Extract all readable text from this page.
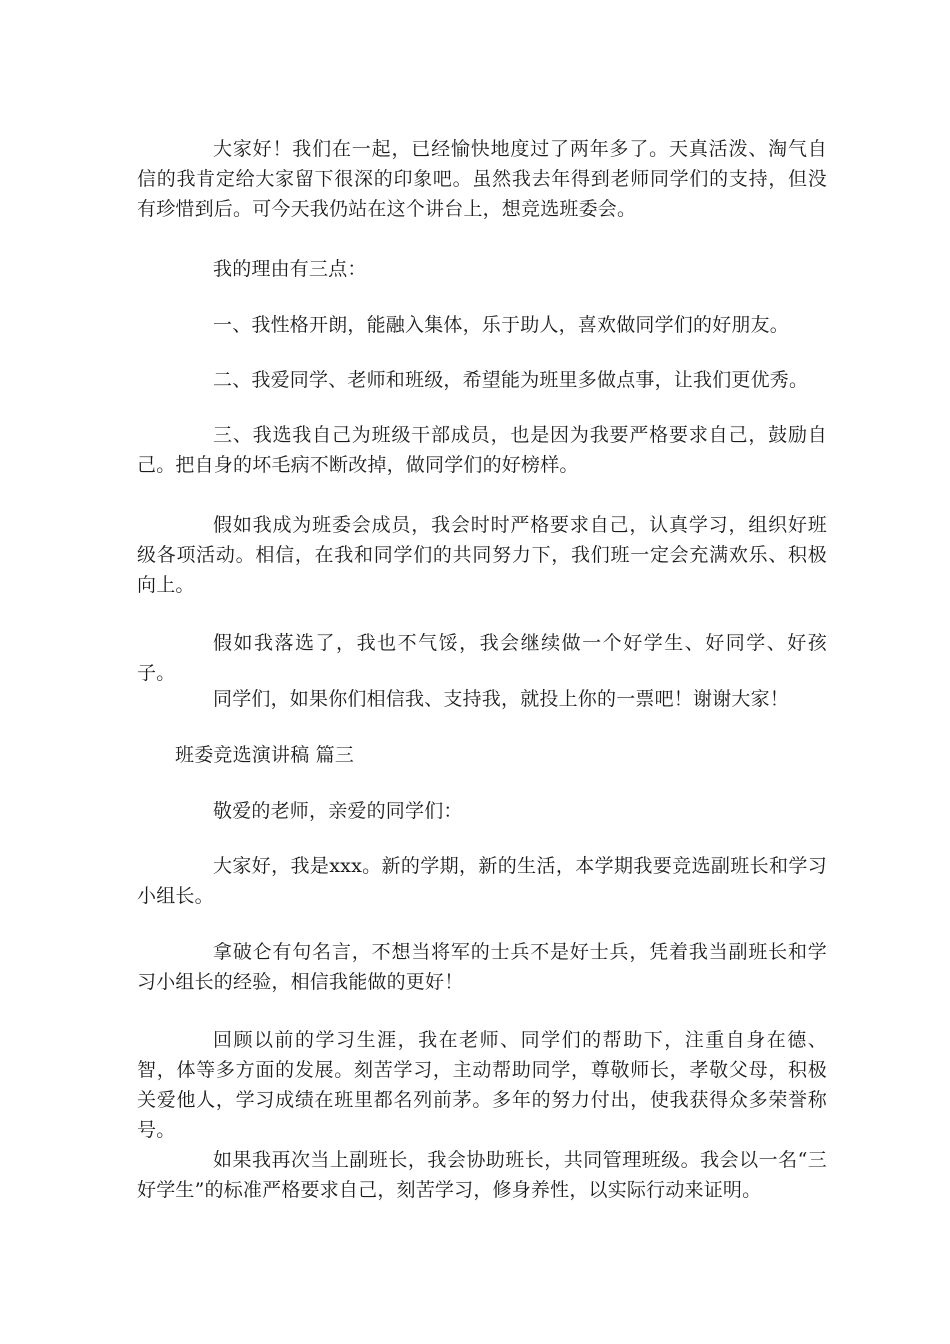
大家好！我们在一起，已经愉快地度过了两年多了。天真活泼、淘气自信的我肯定给大家留下很深的印象吧。虽然我去年得到老师同学们的支持，但没有珍惜到后。可今天我仍站在这个讲台上，想竞选班委会。

我的理由有三点：

一、我性格开朗，能融入集体，乐于助人，喜欢做同学们的好朋友。

二、我爱同学、老师和班级，希望能为班里多做点事，让我们更优秀。

三、我选我自己为班级干部成员，也是因为我要严格要求自己，鼓励自己。把自身的坏毛病不断改掉，做同学们的好榜样。

假如我成为班委会成员，我会时时严格要求自己，认真学习，组织好班级各项活动。相信，在我和同学们的共同努力下，我们班一定会充满欢乐、积极向上。

假如我落选了，我也不气馁，我会继续做一个好学生、好同学、好孩子。

同学们，如果你们相信我、支持我，就投上你的一票吧！谢谢大家！

班委竞选演讲稿 篇三

敬爱的老师，亲爱的同学们：

大家好，我是xxx。新的学期，新的生活，本学期我要竞选副班长和学习小组长。

拿破仑有句名言，不想当将军的士兵不是好士兵，凭着我当副班长和学习小组长的经验，相信我能做的更好！

回顾以前的学习生涯，我在老师、同学们的帮助下，注重自身在德、智，体等多方面的发展。刻苦学习，主动帮助同学，尊敬师长，孝敬父母，积极关爱他人，学习成绩在班里都名列前茅。多年的努力付出，使我获得众多荣誉称号。

如果我再次当上副班长，我会协助班长，共同管理班级。我会以一名“三好学生”的标准严格要求自己，刻苦学习，修身养性，以实际行动来证明。
